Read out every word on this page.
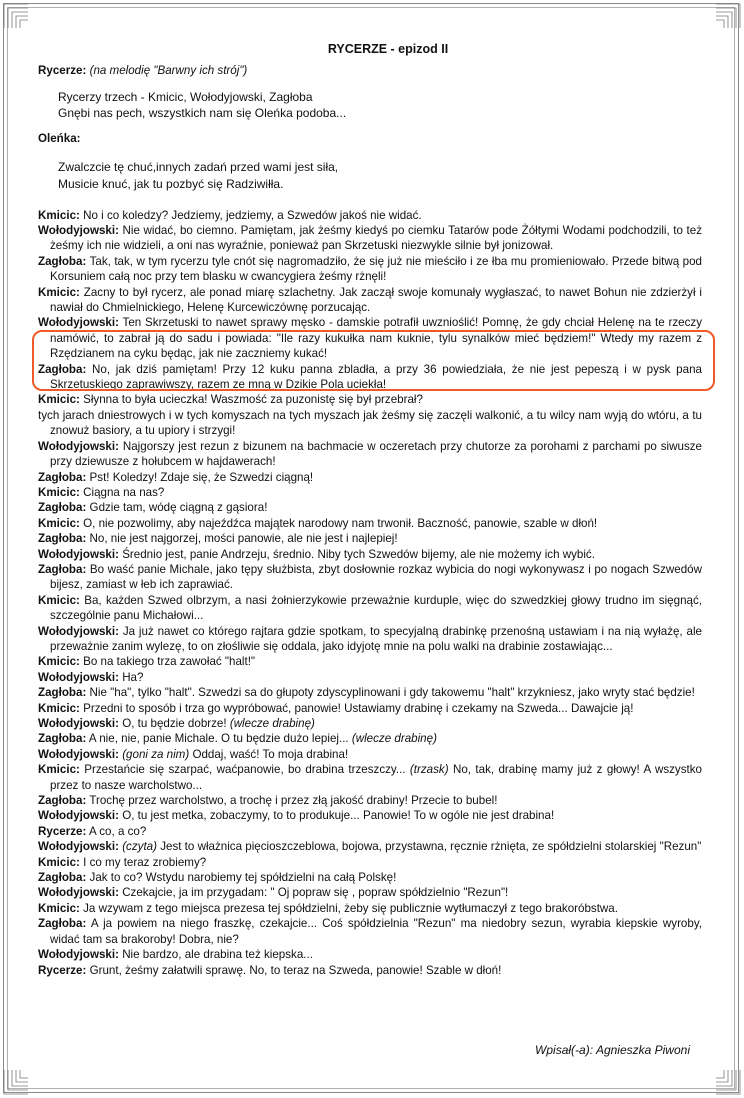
RYCERZE - epizod II
Rycerze: (na melodię "Barwny ich strój")
Rycerzy trzech - Kmicic, Wołodyjowski, Zagłoba
Gnębi nas pech, wszystkich nam się Oleńka podoba...
Oleńka:
Zwalczcie tę chuć,innych zadań przed wami jest siła,
Musicie knuć, jak tu pozbyć się Radziwiłła.
Kmicic: No i co koledzy? Jedziemy, jedziemy, a Szwedów jakoś nie widać.
Wołodyjowski: Nie widać, bo ciemno. Pamiętam, jak żeśmy kiedyś po ciemku Tatarów pode Żółtymi Wodami podchodzili, to też żeśmy ich nie widzieli, a oni nas wyraźnie, ponieważ pan Skrzetuski niezwykle silnie był jonizował.
Zagłoba: Tak, tak, w tym rycerzu tyle cnót się nagromadziło, że się już nie mieściło i ze łba mu promieniowało. Przede bitwą pod Korsuniem całą noc przy tem blasku w cwancygiera żeśmy rżnęli!
Kmicic: Zacny to był rycerz, ale ponad miarę szlachetny. Jak zaczął swoje komunały wygłaszać, to nawet Bohun nie zdzierżył i nawiał do Chmielnickiego, Helenę Kurcewiczównę porzucając.
Wołodyjowski: Ten Skrzetuski to nawet sprawy męsko - damskie potrafił uwznioślić! Pomnę, że gdy chciał Helenę na te rzeczy namówić, to zabrał ją do sadu i powiada: "Ile razy kukułka nam kuknie, tylu synalków mieć będziem!" Wtedy my razem z Rzędzianem na cyku będąc, jak nie zaczniemy kukać!
Zagłoba: No, jak dziś pamiętam! Przy 12 kuku panna zbladła, a przy 36 powiedziała, że nie jest pepeszą i w pysk pana Skrzetuskiego zaprawiwszy, razem ze mną w Dzikie Pola uciekła!
Kmicic: Słynna to była ucieczka! Waszmość za puzonistę się był przebrał?
tych jarach dniestrowych i w tych komyszach na tych myszach jak żeśmy się zaczęli walkonić, a tu wilcy nam wyją do wtóru, a tu znowuż basiory, a tu upiory i strzygi!
Wołodyjowski: Najgorszy jest rezun z bizunem na bachmacie w oczeretach przy chutorze za porohami z parchami po siwusze przy dziewusze z hołubcem w hajdawerach!
Zagłoba: Pst! Koledzy! Zdaje się, że Szwedzi ciągną!
Kmicic: Ciągna na nas?
Zagłoba: Gdzie tam, wódę ciągną z gąsiora!
Kmicic: O, nie pozwolimy, aby najeźdźca majątek narodowy nam trwonił. Baczność, panowie, szable w dłoń!
Zagłoba: No, nie jest najgorzej, mości panowie, ale nie jest i najlepiej!
Wołodyjowski: Średnio jest, panie Andrzeju, średnio. Niby tych Szwedów bijemy, ale nie możemy ich wybić.
Zagłoba: Bo waść panie Michale, jako tępy służbista, zbyt dosłownie rozkaz wybicia do nogi wykonywasz i po nogach Szwedów bijesz, zamiast w łeb ich zaprawiać.
Kmicic: Ba, każden Szwed olbrzym, a nasi żołnierzykowie przeważnie kurduple, więc do szwedzkiej głowy trudno im sięgnąć, szczególnie panu Michałowi...
Wołodyjowski: Ja już nawet co którego rajtara gdzie spotkam, to specyjalną drabinkę przenośną ustawiam i na nią wyłażę, ale przeważnie zanim wylezę, to on złośliwie się oddala, jako idyjotę mnie na polu walki na drabinie zostawiając...
Kmicic: Bo na takiego trza zawołać "halt!"
Wołodyjowski: Ha?
Zagłoba: Nie "ha", tylko "halt". Szwedzi sa do głupoty zdyscyplinowani i gdy takowemu "halt" krzykniesz, jako wryty stać będzie!
Kmicic: Przedni to sposób i trza go wypróbować, panowie! Ustawiamy drabinę i czekamy na Szweda... Dawajcie ją!
Wołodyjowski: O, tu będzie dobrze! (wlecze drabinę)
Zagłoba: A nie, nie, panie Michale. O tu będzie dużo lepiej... (wlecze drabinę)
Wołodyjowski: (goni za nim) Oddaj, waść! To moja drabina!
Kmicic: Przestańcie się szarpać, waćpanowie, bo drabina trzeszczy... (trzask) No, tak, drabinę mamy już z głowy! A wszystko przez to nasze warcholstwo...
Zagłoba: Trochę przez warcholstwo, a trochę i przez złą jakość drabiny! Przecie to bubel!
Wołodyjowski: O, tu jest metka, zobaczymy, to to produkuje... Panowie! To w ogóle nie jest drabina!
Rycerze: A co, a co?
Wołodyjowski: (czyta) Jest to włażnica pięcioszczeblowa, bojowa, przystawna, ręcznie rżnięta, ze spółdzielni stolarskiej "Rezun"
Kmicic: I co my teraz zrobiemy?
Zagłoba: Jak to co? Wstydu narobiemy tej spółdzielni na całą Polskę!
Wołodyjowski: Czekajcie, ja im przygadam: " Oj popraw się , popraw spółdzielnio "Rezun"!
Kmicic: Ja wzywam z tego miejsca prezesa tej spółdzielni, żeby się publicznie wytłumaczył z tego brakoróbstwa.
Zagłoba: A ja powiem na niego fraszkę, czekajcie... Coś spółdzielnia "Rezun" ma niedobry sezun, wyrabia kiepskie wyroby, widać tam sa brakoroby! Dobra, nie?
Wołodyjowski: Nie bardzo, ale drabina też kiepska...
Rycerze: Grunt, żeśmy załatwili sprawę. No, to teraz na Szweda, panowie! Szable w dłoń!
Wpisał(-a): Agnieszka Piwoni
